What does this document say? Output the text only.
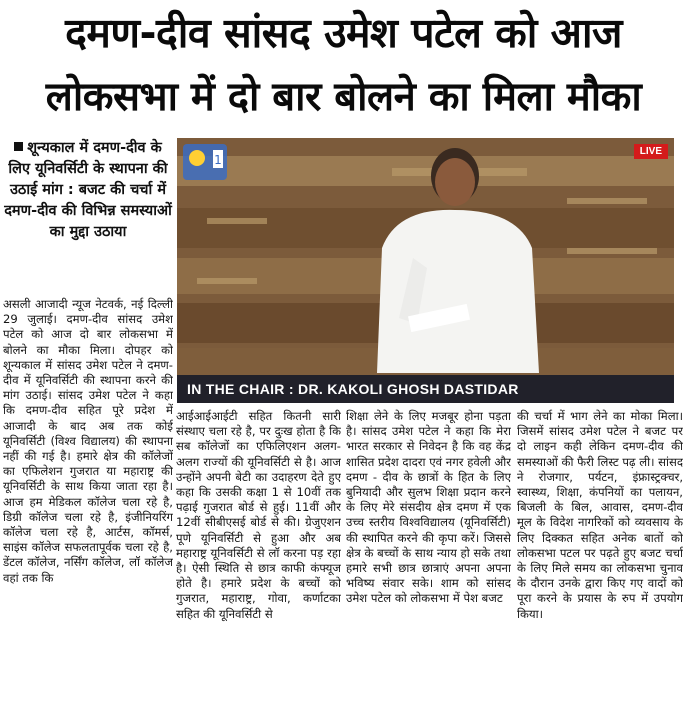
दमण-दीव सांसद उमेश पटेल को आज
लोकसभा में दो बार बोलने का मिला मौका
शून्यकाल में दमण-दीव के लिए यूनिवर्सिटी के स्थापना की उठाई मांग : बजट की चर्चा में दमण-दीव की विभिन्न समस्याओं का मुद्दा उठाया
1
LIVE
IN THE CHAIR : DR. KAKOLI GHOSH DASTIDAR
असली आजादी न्यूज नेटवर्क, नई दिल्ली 29 जुलाई। दमण-दीव सांसद उमेश पटेल को आज दो बार लोकसभा में बोलने का मौका मिला। दोपहर को शून्यकाल में सांसद उमेश पटेल ने दमण-दीव में यूनिवर्सिटी की स्थापना करने की मांग उठाई। सांसद उमेश पटेल ने कहा कि दमण-दीव सहित पूरे प्रदेश में आजादी के बाद अब तक कोई यूनिवर्सिटी (विश्व विद्यालय) की स्थापना नहीं की गई है। हमारे क्षेत्र की कॉलेजों का एफिलेशन गुजरात या महाराष्ट्र की यूनिवर्सिटी के साथ किया जाता रहा है। आज हम मेडिकल कॉलेज चला रहे है, डिग्री कॉलेज चला रहे है, इंजीनियरिंग कॉलेज चला रहे है, आर्टस, कॉमर्स, साइंस कॉलेज सफलतापूर्वक चला रहे है, डेंटल कॉलेज, नर्सिंग कॉलेज, लॉ कॉलेज वहां तक कि
आईआईआईटी सहित कितनी सारी संस्थाए चला रहे है, पर दुःख होता है कि सब कॉलेजों का एफिलिएशन अलग-अलग राज्यों की यूनिवर्सिटी से है। आज उन्होंने अपनी बेटी का उदाहरण देते हुए कहा कि उसकी कक्षा 1 से 10वीं तक पढ़ाई गुजरात बोर्ड से हुई। 11वीं और 12वीं सीबीएसई बोर्ड से की। ग्रेजुएशन पूणे यूनिवर्सिटी से हुआ और अब महाराष्ट्र यूनिवर्सिटी से लॉ करना पड़ रहा है। ऐसी स्थिति से छात्र काफी कंफ्यूज होते है। हमारे प्रदेश के बच्चों को गुजरात, महाराष्ट्र, गोवा, कर्णाटका सहित की यूनिवर्सिटी से
शिक्षा लेने के लिए मजबूर होना पड़ता है। सांसद उमेश पटेल ने कहा कि मेरा भारत सरकार से निवेदन है कि वह केंद्र शासित प्रदेश दादरा एवं नगर हवेली और दमण - दीव के छात्रों के हित के लिए बुनियादी और सुलभ शिक्षा प्रदान करने के लिए मेरे संसदीय क्षेत्र दमण में एक उच्च स्तरीय विश्वविद्यालय (यूनिवर्सिटी) की स्थापित करने की कृपा करें। जिससे क्षेत्र के बच्चों के साथ न्याय हो सके तथा हमारे सभी छात्र छात्राएं अपना अपना भविष्य संवार सके। शाम को सांसद उमेश पटेल को लोकसभा में पेश बजट
की चर्चा में भाग लेने का मोका मिला। जिसमें सांसद उमेश पटेल ने बजट पर दो लाइन कही लेकिन दमण-दीव की समस्याओं की फैरी लिस्ट पढ़ ली। सांसद ने रोजगार, पर्यटन, इंफ्रास्ट्रक्चर, स्वास्थ्य, शिक्षा, कंपनियों का पलायन, बिजली के बिल, आवास, दमण-दीव मूल के विदेश नागरिकों को व्यवसाय के लिए दिक्कत सहित अनेक बातों को लोकसभा पटल पर पढ़ते हुए बजट चर्चा के लिए मिले समय का लोकसभा चुनाव के दौरान उनके द्वारा किए गए वादों को पूरा करने के प्रयास के रुप में उपयोग किया।
